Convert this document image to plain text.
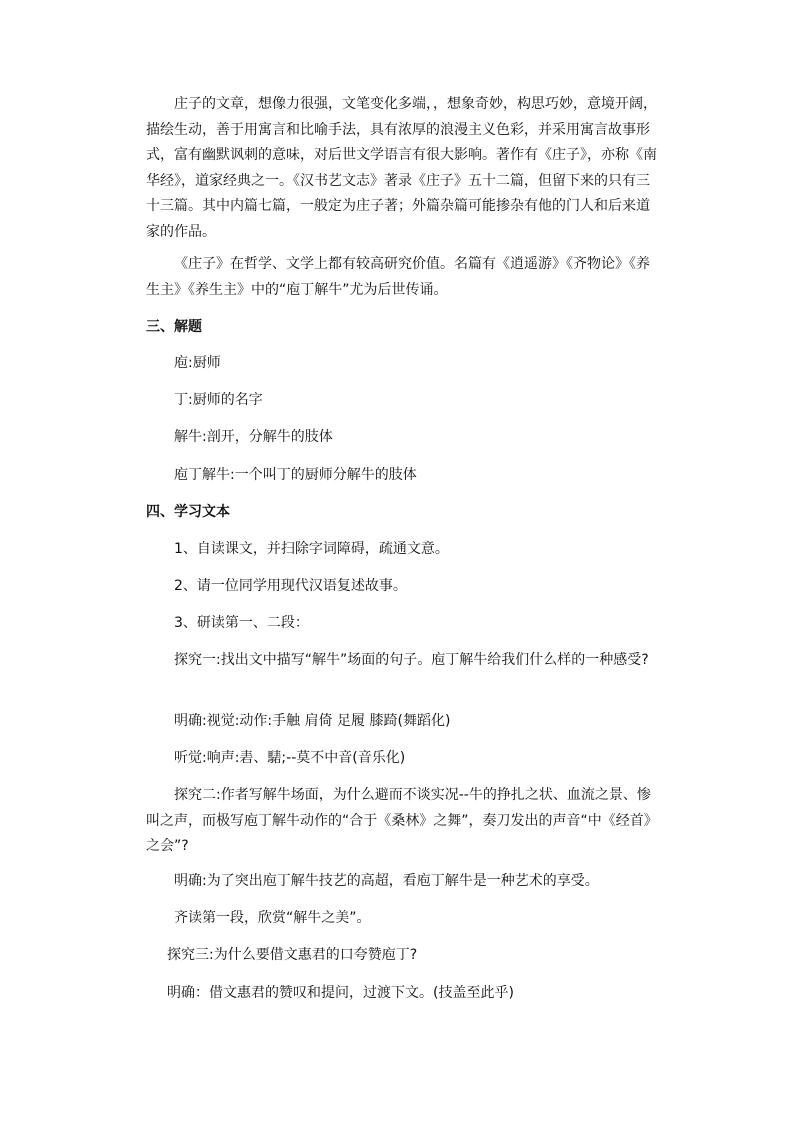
庄子的文章，想像力很强，文笔变化多端，，想象奇妙，构思巧妙，意境开阔，描绘生动，善于用寓言和比喻手法，具有浓厚的浪漫主义色彩，并采用寓言故事形式，富有幽默讽刺的意味，对后世文学语言有很大影响。著作有《庄子》，亦称《南华经》，道家经典之一。《汉书艺文志》著录《庄子》五十二篇，但留下来的只有三十三篇。其中内篇七篇，一般定为庄子著；外篇杂篇可能掺杂有他的门人和后来道家的作品。

《庄子》在哲学、文学上都有较高研究价值。名篇有《逍遥游》《齐物论》《养生主》《养生主》中的“庖丁解牛”尤为后世传诵。

三、解题

庖:厨师

丁:厨师的名字

解牛:剖开，分解牛的肢体

庖丁解牛:一个叫丁的厨师分解牛的肢体

四、学习文本

1、自读课文，并扫除字词障碍，疏通文意。

2、请一位同学用现代汉语复述故事。

3、研读第一、二段：

探究一:找出文中描写“解牛”场面的句子。庖丁解牛给我们什么样的一种感受?

明确:视觉:动作:手触 肩倚 足履 膝踦(舞蹈化)

听觉:响声:砉、騞;--莫不中音(音乐化)

探究二:作者写解牛场面，为什么避而不谈实况--牛的挣扎之状、血流之景、惨叫之声，而极写庖丁解牛动作的“合于《桑林》之舞”，奏刀发出的声音“中《经首》之会”?

明确:为了突出庖丁解牛技艺的高超，看庖丁解牛是一种艺术的享受。

齐读第一段，欣赏“解牛之美”。

探究三:为什么要借文惠君的口夸赞庖丁?

明确：借文惠君的赞叹和提问，过渡下文。(技盖至此乎)
